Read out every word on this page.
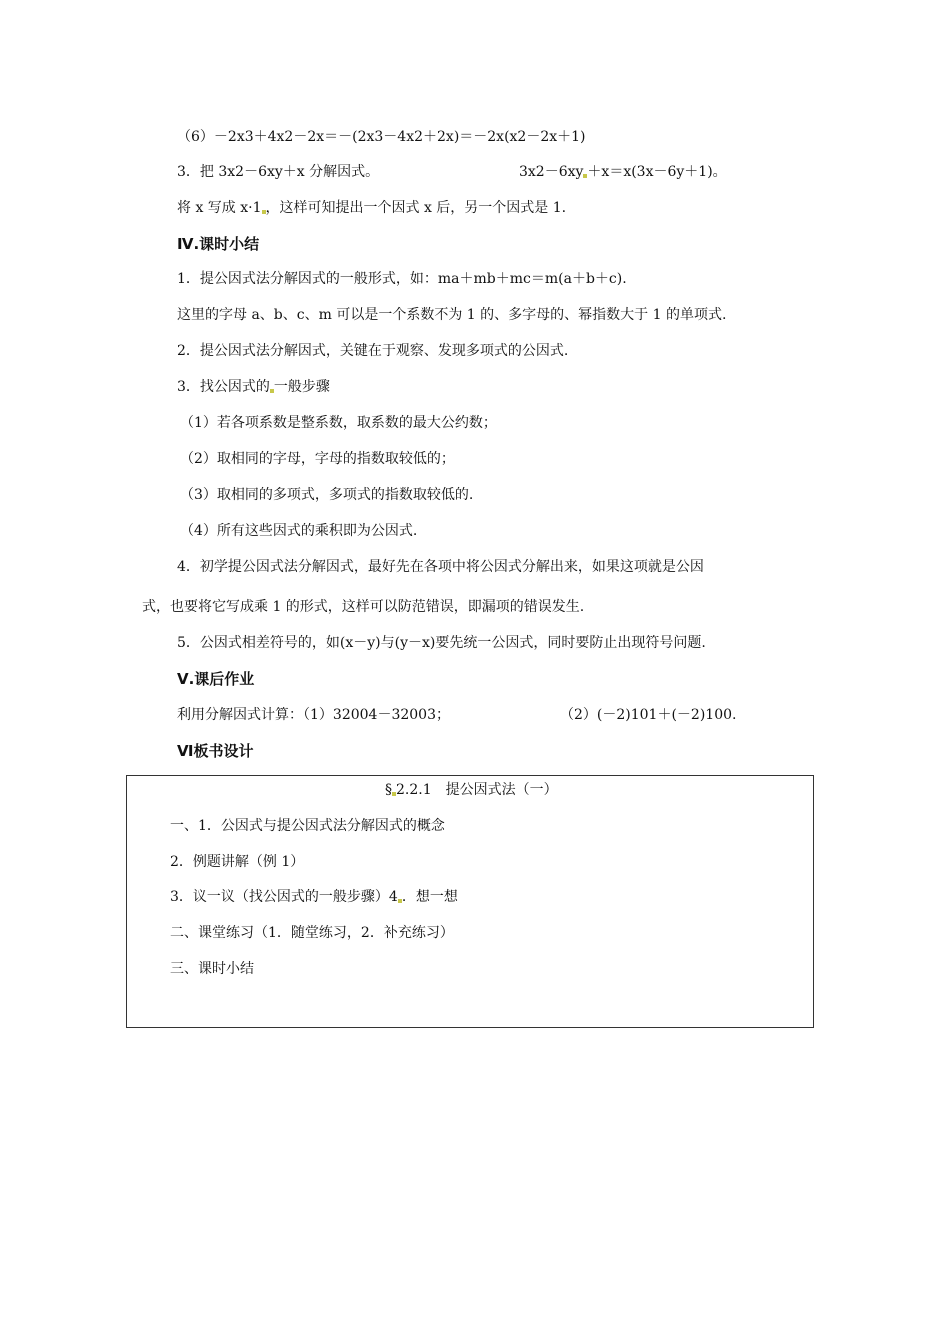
（6）－2x3＋4x2－2x＝－(2x3－4x2＋2x)＝－2x(x2－2x＋1)
3．把 3x2－6xy＋x 分解因式。	3x2－6xy ＋x＝x(3x－6y＋1)。
将 x 写成 x·1 ，这样可知提出一个因式 x 后，另一个因式是 1.
Ⅳ.课时小结
1．提公因式法分解因式的一般形式，如：ma＋mb＋mc＝m(a＋b＋c).
这里的字母 a、b、c、m 可以是一个系数不为 1 的、多字母的、幂指数大于 1 的单项式.
2．提公因式法分解因式，关键在于观察、发现多项式的公因式.
3．找公因式的 一般步骤
（1）若各项系数是整系数，取系数的最大公约数；
（2）取相同的字母，字母的指数取较低的；
（3）取相同的多项式，多项式的指数取较低的.
（4）所有这些因式的乘积即为公因式.
4．初学提公因式法分解因式，最好先在各项中将公因式分解出来，如果这项就是公因
式，也要将它写成乘 1 的形式，这样可以防范错误，即漏项的错误发生.
5．公因式相差符号的，如(x－y)与(y－x)要先统一公因式，同时要防止出现符号问题.
Ⅴ.课后作业
利用分解因式计算：（1）32004－32003；	（2）(－2)101＋(－2)100.
Ⅵ板书设计
§ 2.2.1　提公因式法（一）
一、1．公因式与提公因式法分解因式的概念
2．例题讲解（例 1）
3．议一议（找公因式的一般步骤）4 ．想一想
二、课堂练习（1．随堂练习，2．补充练习）
三、课时小结
